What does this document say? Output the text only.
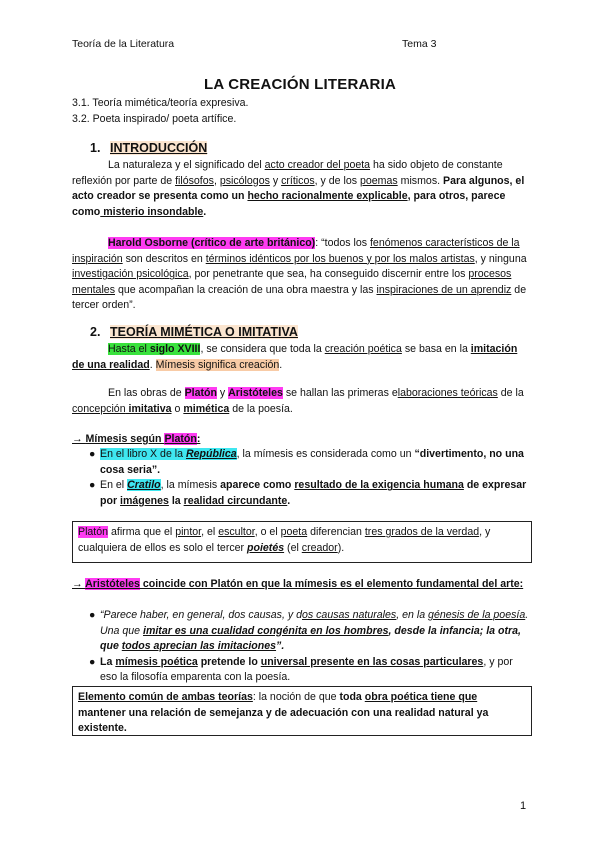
Teoría de la Literatura	Tema 3
LA CREACIÓN LITERARIA
3.1. Teoría mimética/teoría expresiva.
3.2. Poeta inspirado/ poeta artífice.
1. INTRODUCCIÓN
La naturaleza y el significado del acto creador del poeta ha sido objeto de constante reflexión por parte de filósofos, psicólogos y críticos, y de los poemas mismos. Para algunos, el acto creador se presenta como un hecho racionalmente explicable, para otros, parece como misterio insondable.
Harold Osborne (crítico de arte británico): “todos los fenómenos característicos de la inspiración son descritos en términos idénticos por los buenos y por los malos artistas, y ninguna investigación psicológica, por penetrante que sea, ha conseguido discernir entre los procesos mentales que acompañan la creación de una obra maestra y las inspiraciones de un aprendiz de tercer orden”.
2. TEORÍA MIMÉTICA O IMITATIVA
Hasta el siglo XVIII, se considera que toda la creación poética se basa en la imitación de una realidad. Mímesis significa creación.
En las obras de Platón y Aristóteles se hallan las primeras elaboraciones teóricas de la concepción imitativa o mimética de la poesía.
→ Mímesis según Platón:
● En el libro X de la República, la mímesis es considerada como un “divertimento, no una cosa seria”.
● En el Cratilo, la mímesis aparece como resultado de la exigencia humana de expresar por imágenes la realidad circundante.
Platón afirma que el pintor, el escultor, o el poeta diferencian tres grados de la verdad, y cualquiera de ellos es solo el tercer poietés (el creador).
→ Aristóteles coincide con Platón en que la mímesis es el elemento fundamental del arte:
● “Parece haber, en general, dos causas, y dos causas naturales, en la génesis de la poesía. Una que imitar es una cualidad congénita en los hombres, desde la infancia; la otra, que todos aprecian las imitaciones”.
● La mímesis poética pretende lo universal presente en las cosas particulares, y por eso la filosofía emparenta con la poesía.
Elemento común de ambas teorías: la noción de que toda obra poética tiene que mantener una relación de semejanza y de adecuación con una realidad natural ya existente.
1
